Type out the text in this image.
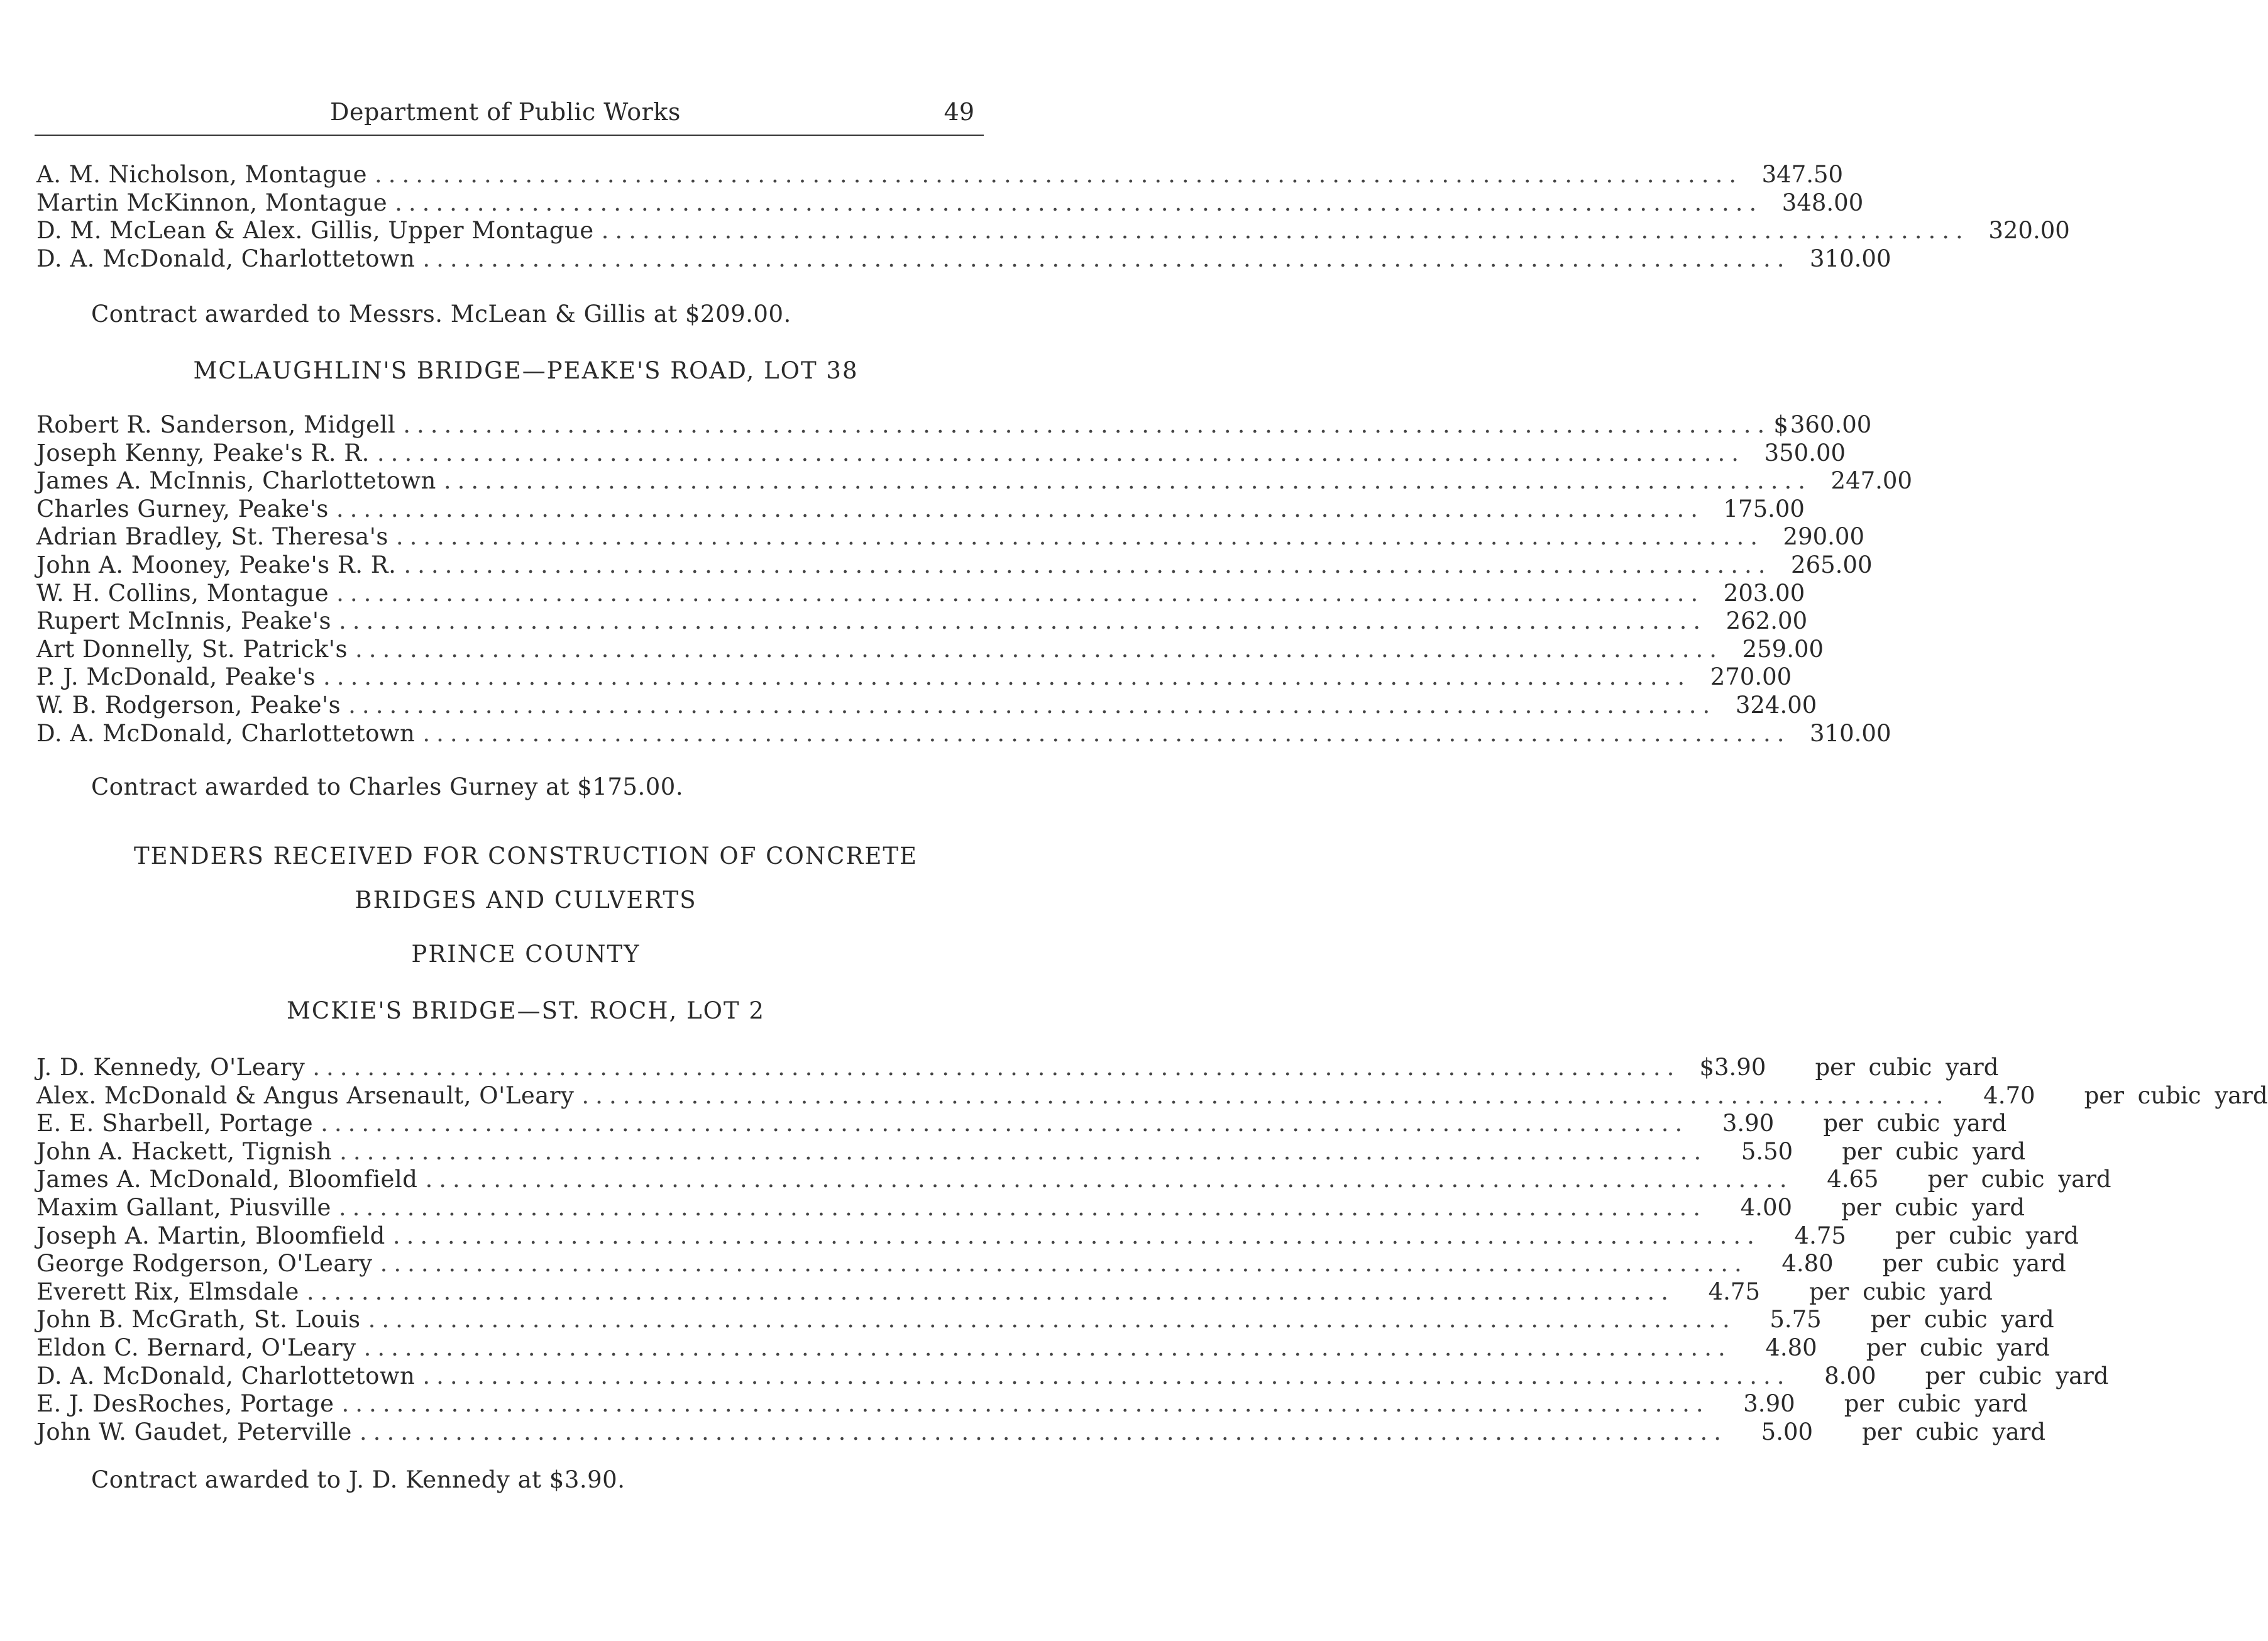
Department of Public Works	49
A. M. Nicholson, Montague .................................................................................................... 347.50
Martin McKinnon, Montague .................................................................................................... 348.00
D. M. McLean & Alex. Gillis, Upper Montague .................................................................................................... 320.00
D. A. McDonald, Charlottetown .................................................................................................... 310.00
Contract awarded to Messrs. McLean & Gillis at $209.00.
MCLAUGHLIN'S BRIDGE—PEAKE'S ROAD, LOT 38
Robert R. Sanderson, Midgell .................................................................................................... $ 360.00
Joseph Kenny, Peake's R. R. .................................................................................................... 350.00
James A. McInnis, Charlottetown .................................................................................................... 247.00
Charles Gurney, Peake's .................................................................................................... 175.00
Adrian Bradley, St. Theresa's .................................................................................................... 290.00
John A. Mooney, Peake's R. R. .................................................................................................... 265.00
W. H. Collins, Montague .................................................................................................... 203.00
Rupert McInnis, Peake's .................................................................................................... 262.00
Art Donnelly, St. Patrick's .................................................................................................... 259.00
P. J. McDonald, Peake's .................................................................................................... 270.00
W. B. Rodgerson, Peake's .................................................................................................... 324.00
D. A. McDonald, Charlottetown .................................................................................................... 310.00
Contract awarded to Charles Gurney at $175.00.
TENDERS RECEIVED FOR CONSTRUCTION OF CONCRETE
BRIDGES AND CULVERTS
PRINCE COUNTY
MCKIE'S BRIDGE—ST. ROCH, LOT 2
J. D. Kennedy, O'Leary .................................................................................................... $3.90	per cubic yard
Alex. McDonald & Angus Arsenault, O'Leary ....................................................................................................	4.70	per cubic yard
E. E. Sharbell, Portage ....................................................................................................	3.90	per cubic yard
John A. Hackett, Tignish ....................................................................................................	5.50	per cubic yard
James A. McDonald, Bloomfield ....................................................................................................	4.65	per cubic yard
Maxim Gallant, Piusville ....................................................................................................	4.00	per cubic yard
Joseph A. Martin, Bloomfield ....................................................................................................	4.75	per cubic yard
George Rodgerson, O'Leary ....................................................................................................	4.80	per cubic yard
Everett Rix, Elmsdale ....................................................................................................	4.75	per cubic yard
John B. McGrath, St. Louis ....................................................................................................	5.75	per cubic yard
Eldon C. Bernard, O'Leary ....................................................................................................	4.80	per cubic yard
D. A. McDonald, Charlottetown ....................................................................................................	8.00	per cubic yard
E. J. DesRoches, Portage ....................................................................................................	3.90	per cubic yard
John W. Gaudet, Peterville ....................................................................................................	5.00	per cubic yard
Contract awarded to J. D. Kennedy at $3.90.
